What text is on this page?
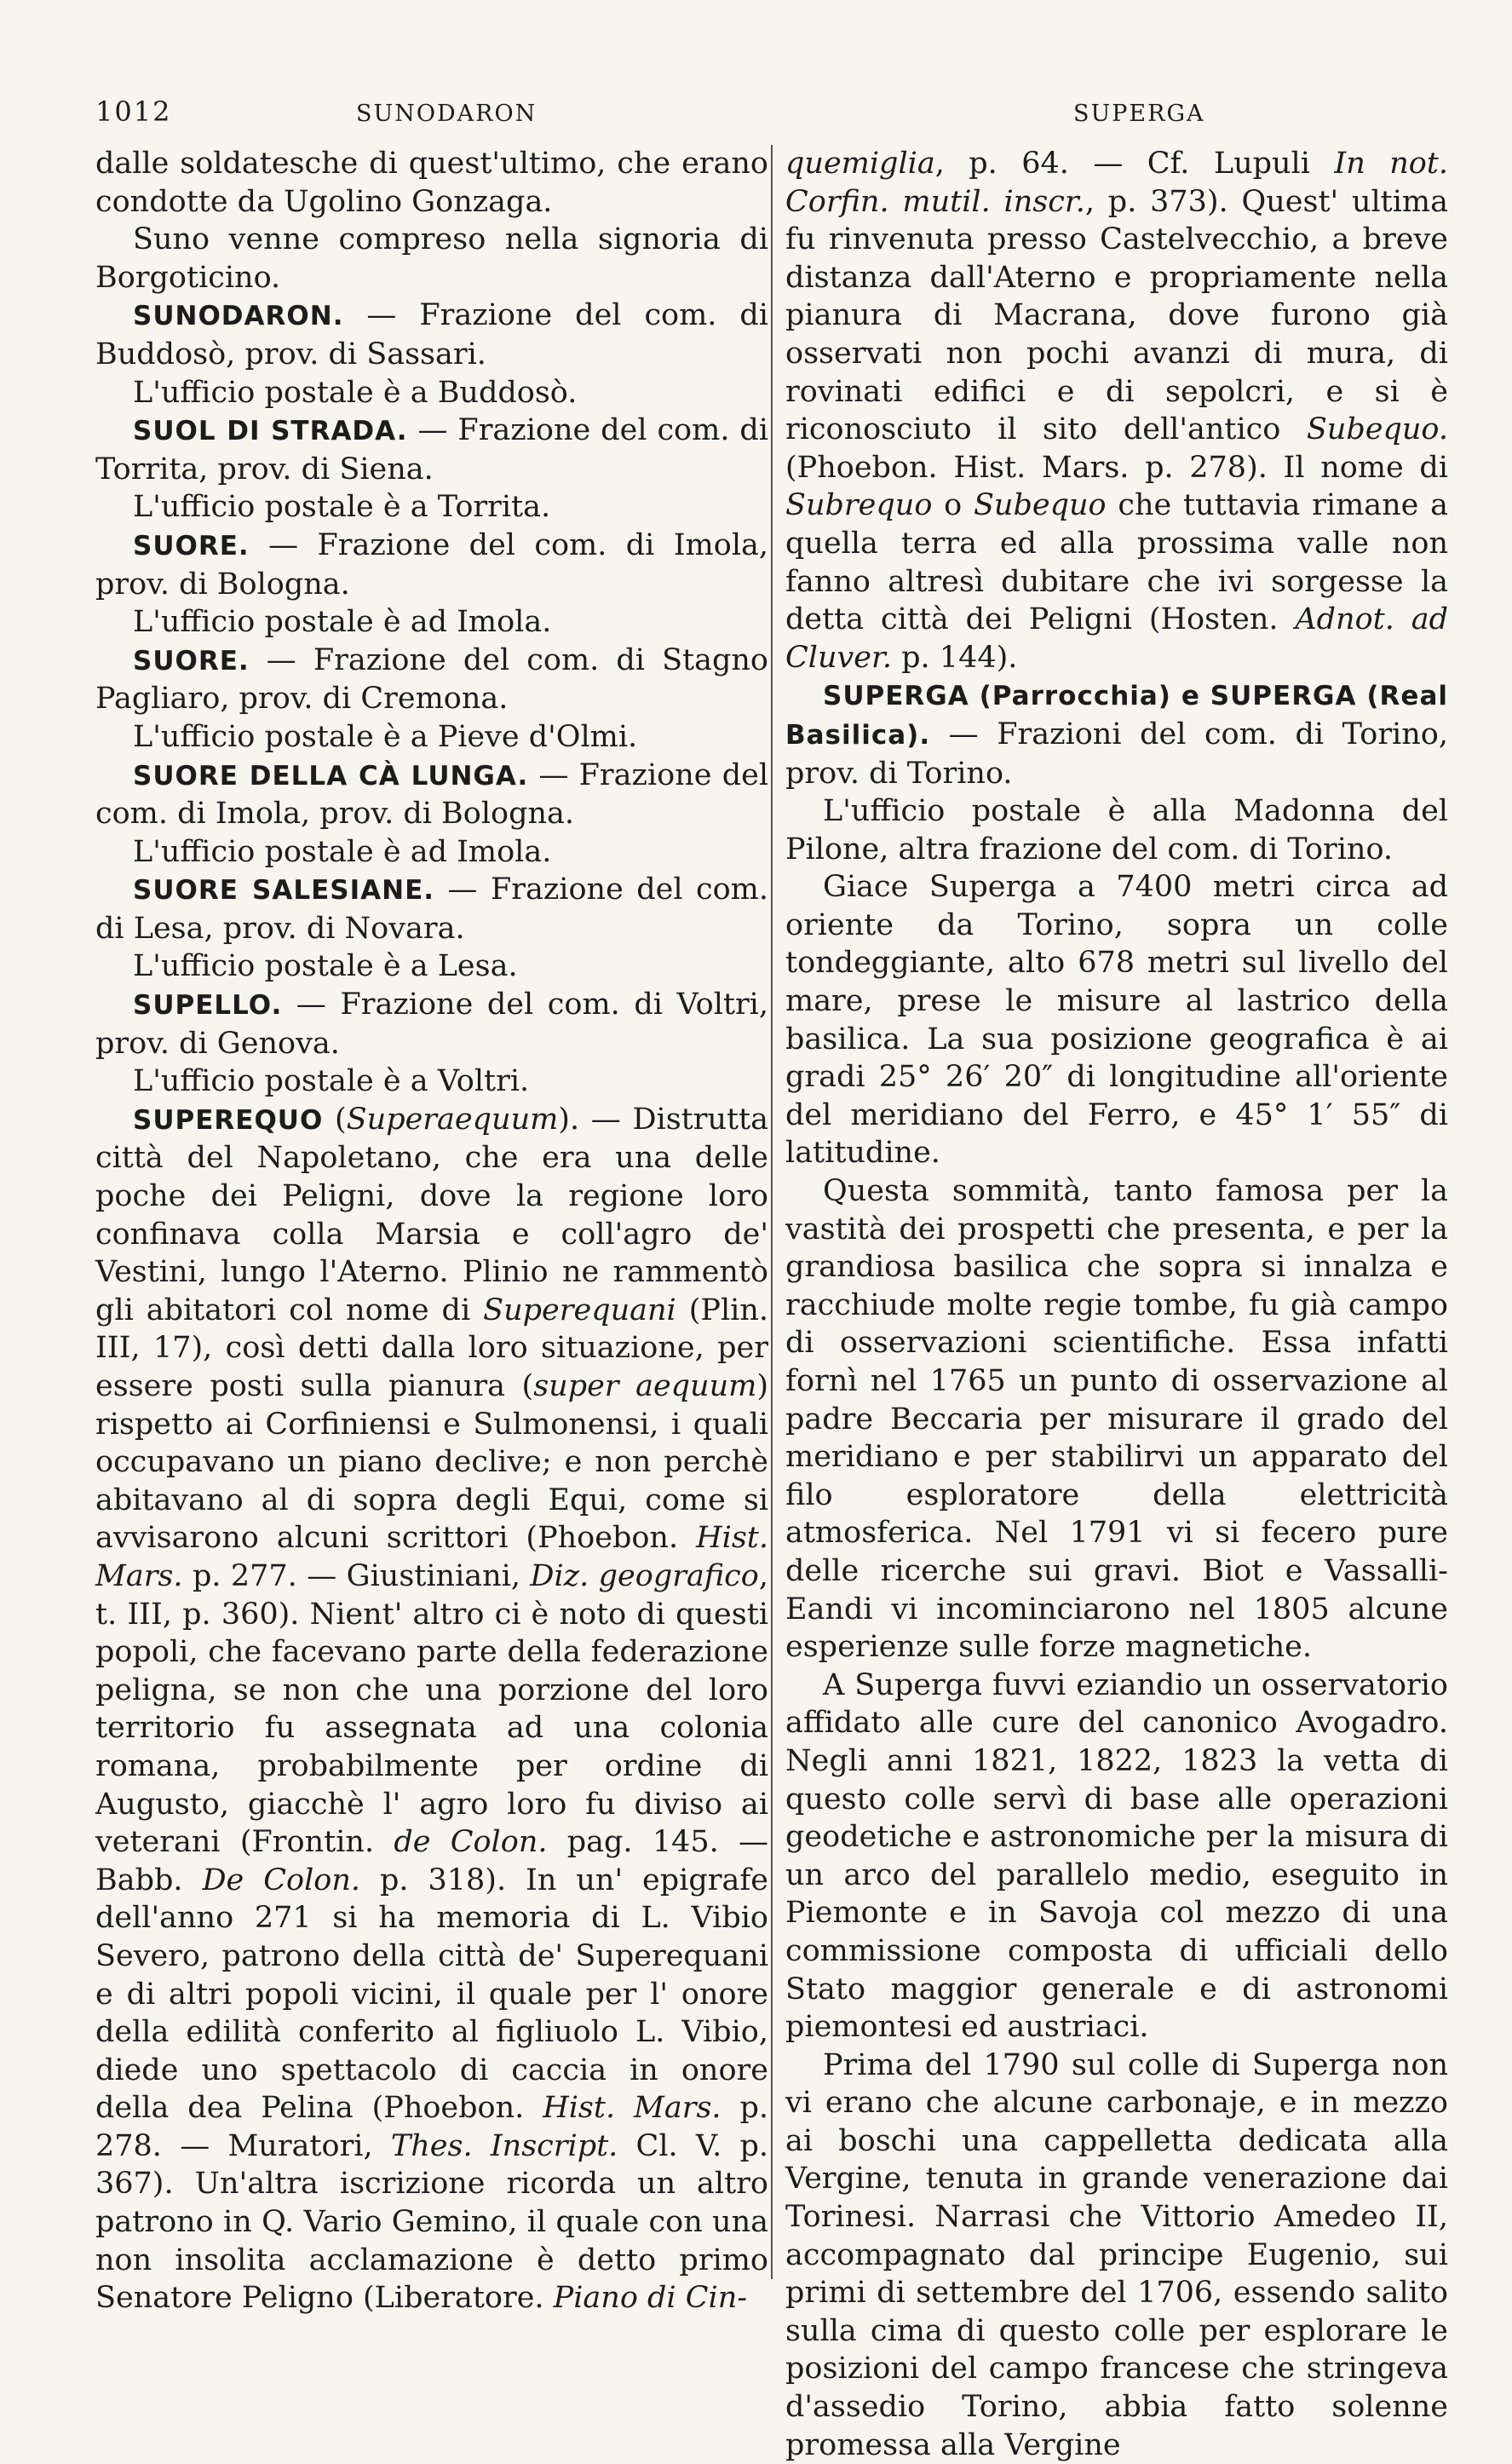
1012	SUNODARON	SUPERGA

dalle soldatesche di quest'ultimo, che erano condotte da Ugolino Gonzaga.

Suno venne compreso nella signoria di Borgoticino.

SUNODARON. — Frazione del com. di Buddosò, prov. di Sassari.

L'ufficio postale è a Buddosò.

SUOL DI STRADA. — Frazione del com. di Torrita, prov. di Siena.

L'ufficio postale è a Torrita.

SUORE. — Frazione del com. di Imola, prov. di Bologna.

L'ufficio postale è ad Imola.

SUORE. — Frazione del com. di Stagno Pagliaro, prov. di Cremona.

L'ufficio postale è a Pieve d'Olmi.

SUORE DELLA CÀ LUNGA. — Frazione del com. di Imola, prov. di Bologna.

L'ufficio postale è ad Imola.

SUORE SALESIANE. — Frazione del com. di Lesa, prov. di Novara.

L'ufficio postale è a Lesa.

SUPELLO. — Frazione del com. di Voltri, prov. di Genova.

L'ufficio postale è a Voltri.

SUPEREQUO (Superaequum). — Distrutta città del Napoletano, che era una delle poche dei Peligni, dove la regione loro confinava colla Marsia e coll'agro de' Vestini, lungo l'Aterno. Plinio ne rammentò gli abitatori col nome di Superequani (Plin. III, 17), così detti dalla loro situazione, per essere posti sulla pianura (super aequum) rispetto ai Corfiniensi e Sulmonensi, i quali occupavano un piano declive; e non perchè abitavano al di sopra degli Equi, come si avvisarono alcuni scrittori (Phoebon. Hist. Mars. p. 277. — Giustiniani, Diz. geografico, t. III, p. 360). Nient' altro ci è noto di questi popoli, che facevano parte della federazione peligna, se non che una porzione del loro territorio fu assegnata ad una colonia romana, probabilmente per ordine di Augusto, giacchè l' agro loro fu diviso ai veterani (Frontin. de Colon. pag. 145. — Babb. De Colon. p. 318). In un' epigrafe dell'anno 271 si ha memoria di L. Vibio Severo, patrono della città de' Superequani e di altri popoli vicini, il quale per l' onore della edilità conferito al figliuolo L. Vibio, diede uno spettacolo di caccia in onore della dea Pelina (Phoebon. Hist. Mars. p. 278. — Muratori, Thes. Inscript. Cl. V. p. 367). Un'altra iscrizione ricorda un altro patrono in Q. Vario Gemino, il quale con una non insolita acclamazione è detto primo Senatore Peligno (Liberatore. Piano di Cin-

quemiglia, p. 64. — Cf. Lupuli In not. Corfin. mutil. inscr., p. 373). Quest' ultima fu rinvenuta presso Castelvecchio, a breve distanza dall'Aterno e propriamente nella pianura di Macrana, dove furono già osservati non pochi avanzi di mura, di rovinati edifici e di sepolcri, e si è riconosciuto il sito dell'antico Subequo. (Phoebon. Hist. Mars. p. 278). Il nome di Subrequo o Subequo che tuttavia rimane a quella terra ed alla prossima valle non fanno altresì dubitare che ivi sorgesse la detta città dei Peligni (Hosten. Adnot. ad Cluver. p. 144).

SUPERGA (Parrocchia) e SUPERGA (Real Basilica). — Frazioni del com. di Torino, prov. di Torino.

L'ufficio postale è alla Madonna del Pilone, altra frazione del com. di Torino.

Giace Superga a 7400 metri circa ad oriente da Torino, sopra un colle tondeggiante, alto 678 metri sul livello del mare, prese le misure al lastrico della basilica. La sua posizione geografica è ai gradi 25° 26′ 20″ di longitudine all'oriente del meridiano del Ferro, e 45° 1′ 55″ di latitudine.

Questa sommità, tanto famosa per la vastità dei prospetti che presenta, e per la grandiosa basilica che sopra si innalza e racchiude molte regie tombe, fu già campo di osservazioni scientifiche. Essa infatti fornì nel 1765 un punto di osservazione al padre Beccaria per misurare il grado del meridiano e per stabilirvi un apparato del filo esploratore della elettricità atmosferica. Nel 1791 vi si fecero pure delle ricerche sui gravi. Biot e Vassalli-Eandi vi incominciarono nel 1805 alcune esperienze sulle forze magnetiche.

A Superga fuvvi eziandio un osservatorio affidato alle cure del canonico Avogadro. Negli anni 1821, 1822, 1823 la vetta di questo colle servì di base alle operazioni geodetiche e astronomiche per la misura di un arco del parallelo medio, eseguito in Piemonte e in Savoja col mezzo di una commissione composta di ufficiali dello Stato maggior generale e di astronomi piemontesi ed austriaci.

Prima del 1790 sul colle di Superga non vi erano che alcune carbonaje, e in mezzo ai boschi una cappelletta dedicata alla Vergine, tenuta in grande venerazione dai Torinesi. Narrasi che Vittorio Amedeo II, accompagnato dal principe Eugenio, sui primi di settembre del 1706, essendo salito sulla cima di questo colle per esplorare le posizioni del campo francese che stringeva d'assedio Torino, abbia fatto solenne promessa alla Vergine
